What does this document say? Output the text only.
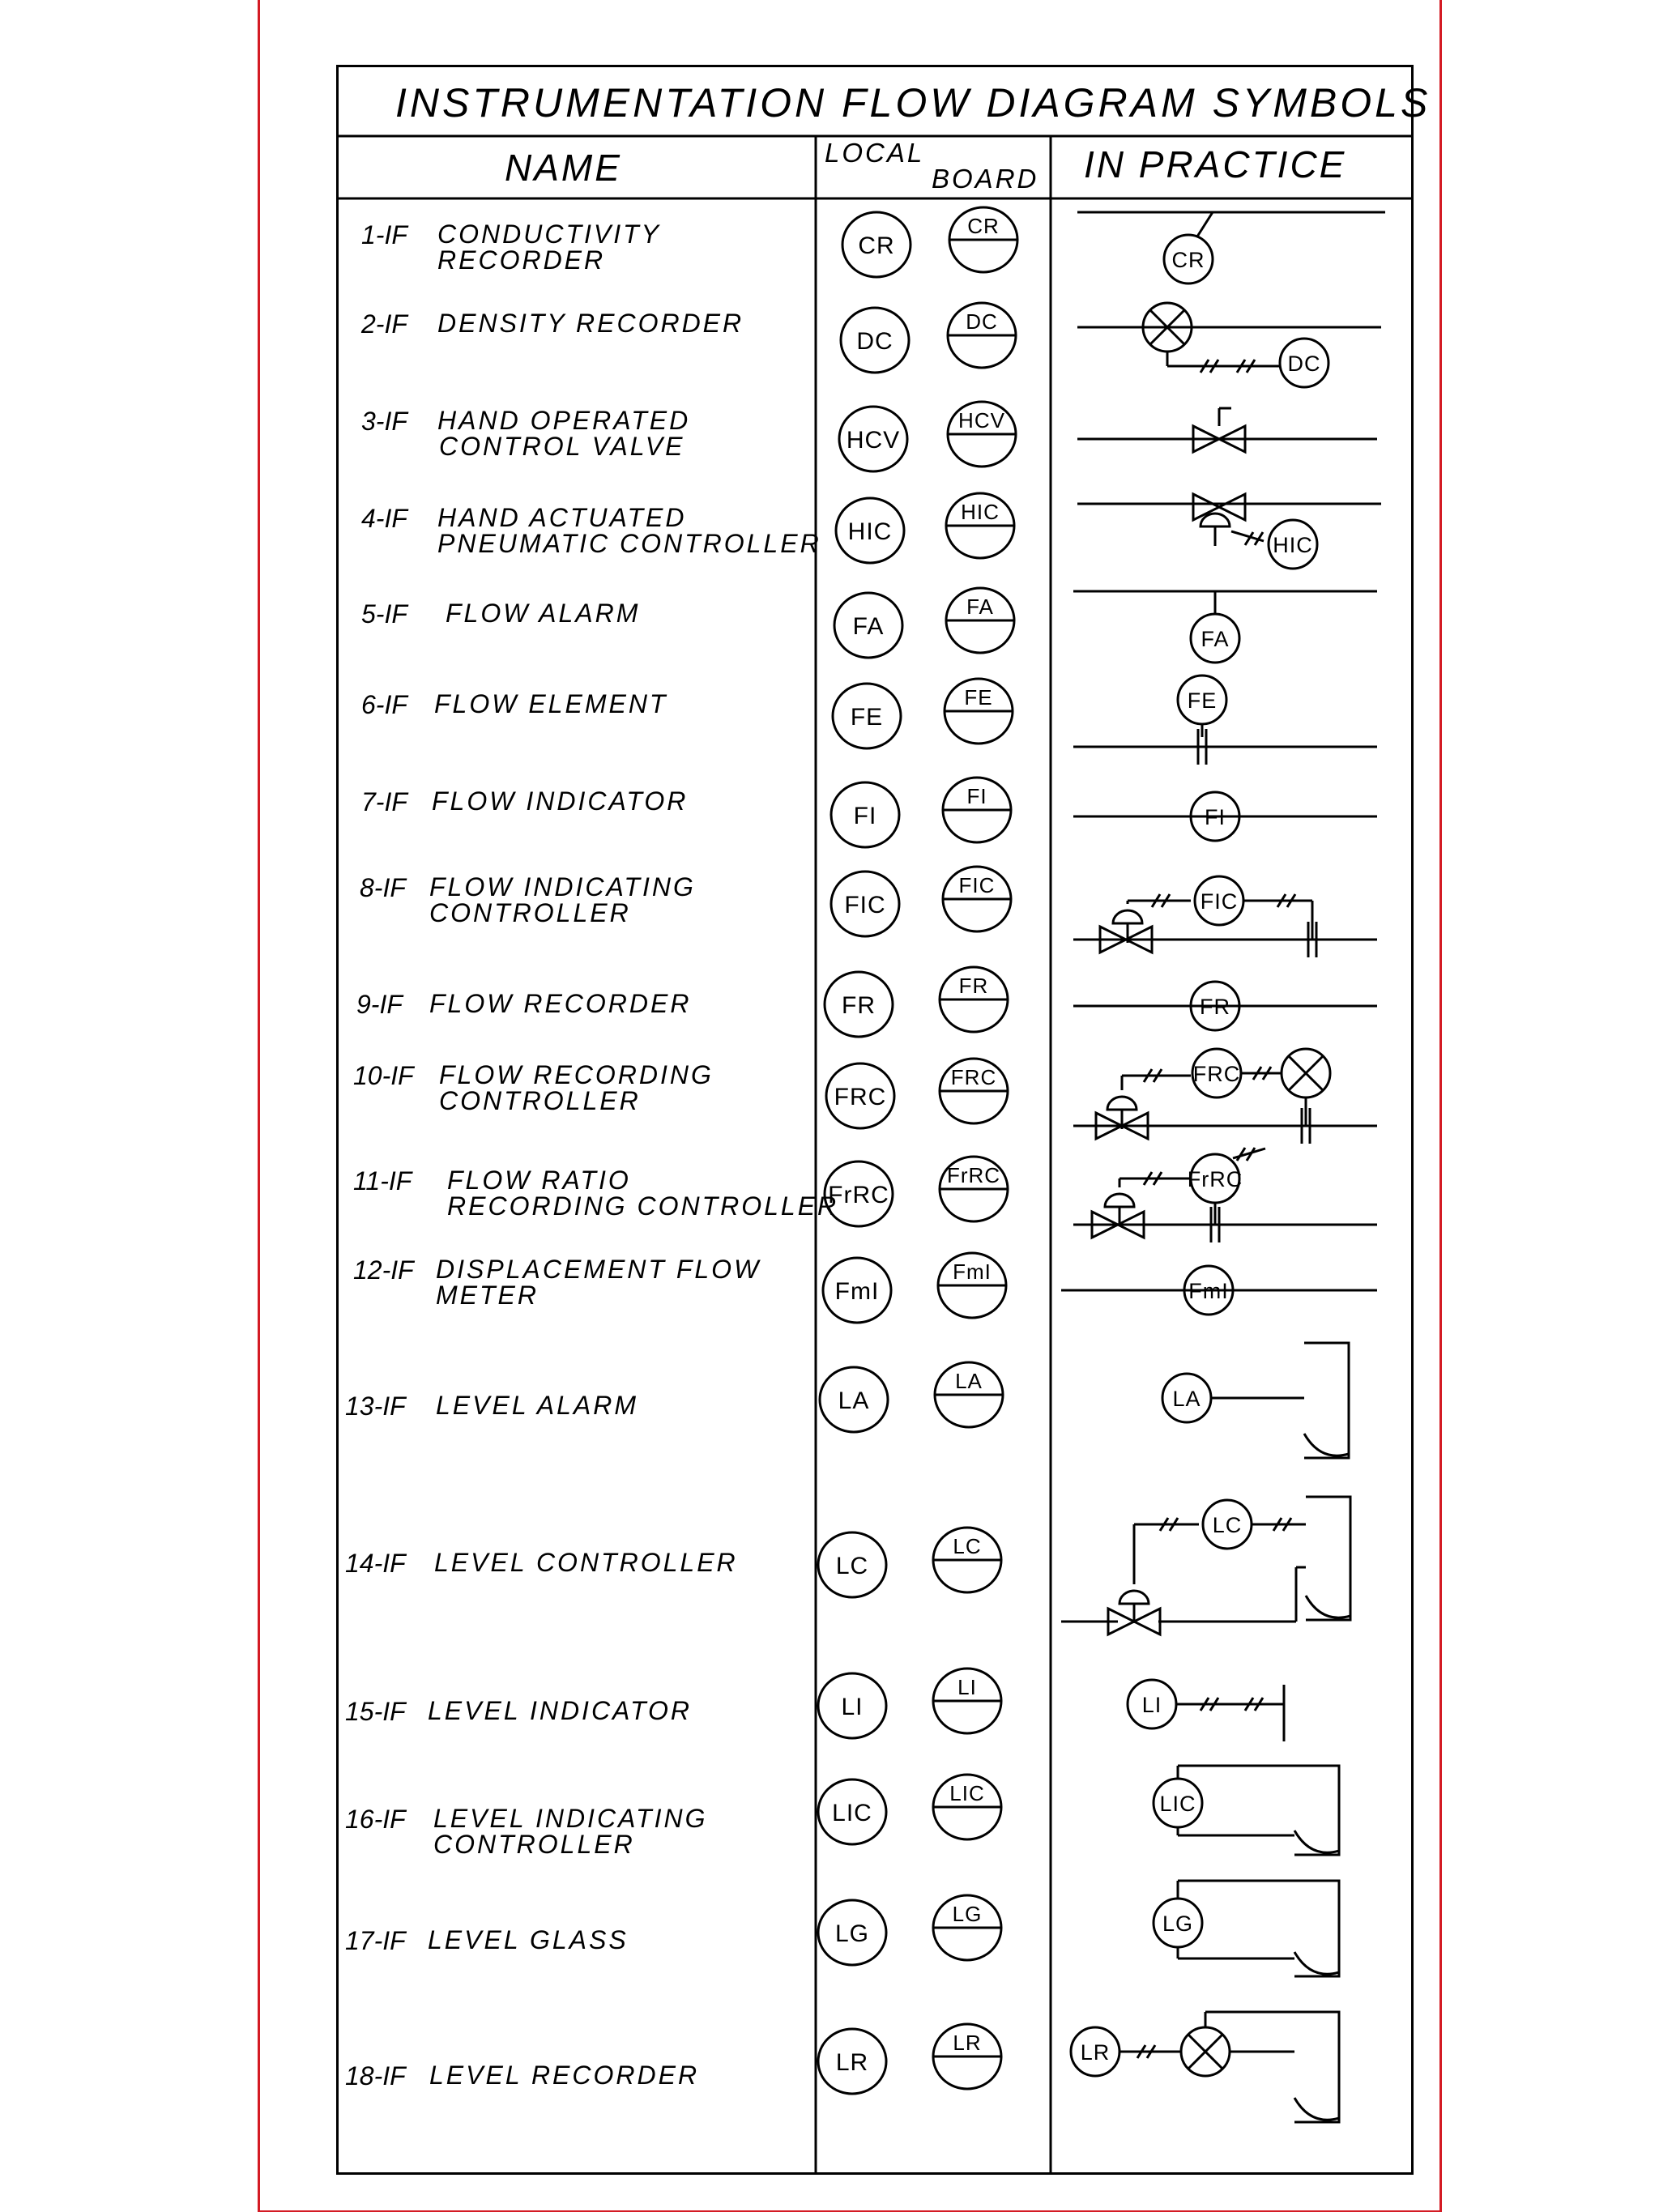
CR
CR
DC
DC
HCV
HCV
HIC
HIC
FA
FA
FE
FE
FI
FI
FIC
FIC
FR
FR
FRC
FRC
FrRC
FrRC
FmI
FmI
LA
LA
LC
LC
LI
LI
LIC
LIC
LG
LG
LR
LR
CR
DC
HIC
FA
FE
FI
FIC
FR
FRC
FrRC
FmI
LA
LC
LI
LIC
LG
LR
INSTRUMENTATION FLOW DIAGRAM SYMBOLS
NAME	LOCAL
BOARD IN PRACTICE
1-IF CONDUCTIVITY
RECORDER
2-IF DENSITY RECORDER
3-IF HAND OPERATED
CONTROL VALVE
4-IF HAND ACTUATED
PNEUMATIC CONTROLLER
5-IF FLOW ALARM
6-IF FLOW ELEMENT
7-IF FLOW INDICATOR
8-IF FLOW INDICATING
CONTROLLER
9-IF FLOW RECORDER
10-IF FLOW RECORDING
CONTROLLER
11-IF FLOW RATIO
RECORDING CONTROLLER
12-IF DISPLACEMENT FLOW
METER
13-IF LEVEL ALARM
14-IF LEVEL CONTROLLER
15-IF LEVEL INDICATOR
16-IF LEVEL INDICATING
CONTROLLER
17-IF LEVEL GLASS
18-IF LEVEL RECORDER
